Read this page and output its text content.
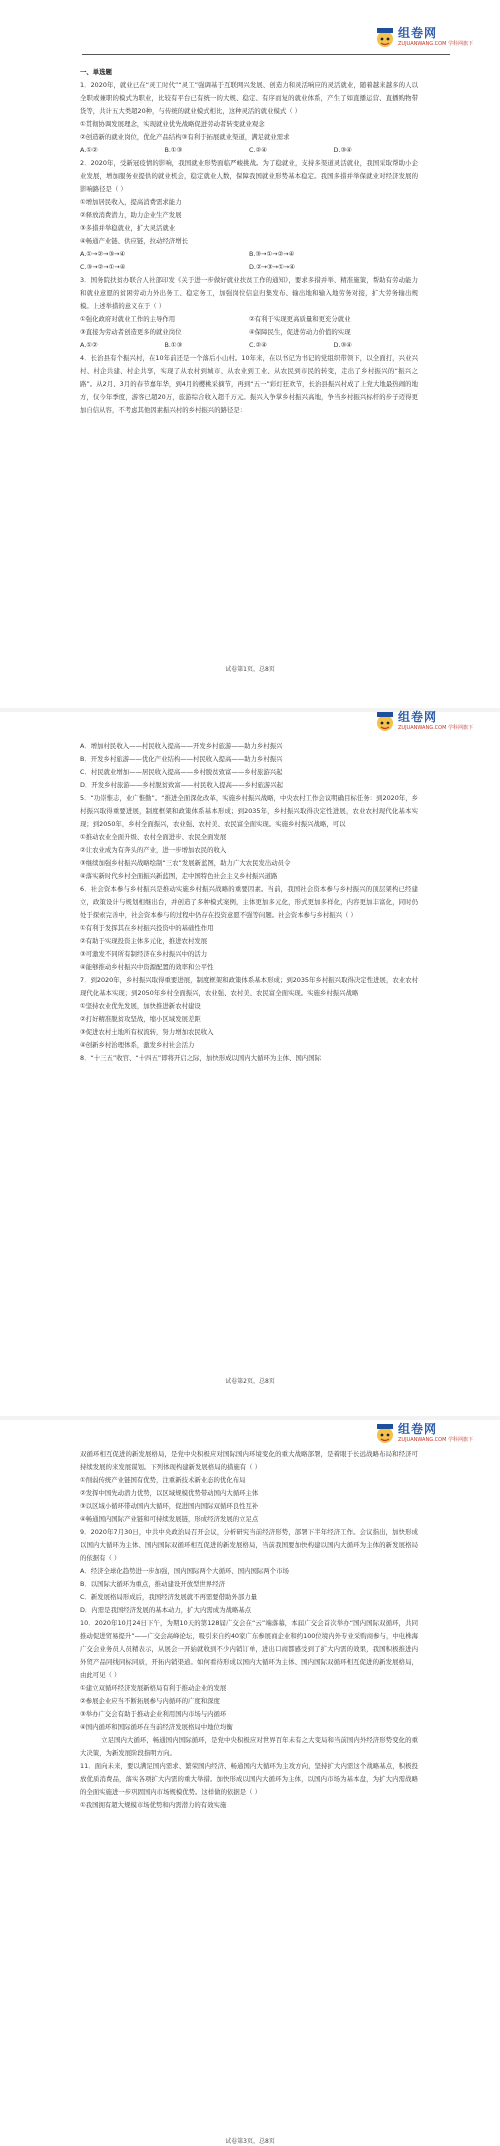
组卷网
ZUJUANWANG.COM 学科网旗下

一、单选题

1．2020年，就业已在“灵工时代”“灵工”强调基于互联网兴发展、创造力和灵活响应的灵活就业，随着越来越多的人以全职或兼职的模式为职业，比较有平台已有统一的大规、稳定、有序而复的就业体系，产生了如直播运营、直播购物带货等，共计五大类超20种，与传统的就业模式相比，这种灵活的就业模式（ ）

①贯彻协调发展理念，实现就业优先战略促进劳动者转变就业观念

②创造新的就业岗位，优化产品结构③有利于拓展就业渠道，满足就业需求

A.①②	B.①③	C.②④	D.③④

2．2020年，受新冠疫情的影响，我国就业形势面临严峻挑战。为了稳就业，支持多渠道灵活就业，我国采取帮助小企业发展，增加服务业提供的就业机会，稳定就业人数，保障我国就业形势基本稳定。我国多措并举保就业对经济发展的影响路径是（ ）

①增加居民收入，提高消费需求能力

②释放消费潜力，助力企业生产发展

③多措并举稳就业，扩大灵活就业

④畅通产业链、供应链，拉动经济增长

A.①→②→③→④	B.③→①→②→④
C.③→②→①→④	D.②→③→①→④

3．国务院扶贫办联合人社部印发《关于进一步做好就业扶贫工作的通知》，要求多措并举、精准施策，帮助有劳动能力和就业意愿的贫困劳动力外出务工、稳定务工，加强岗位信息归集发布、输出地和输入地劳务对接，扩大劳务输出规模。上述举措的意义在于（ ）

①强化政府对就业工作的主导作用	②有利于实现更高质量和更充分就业
③直接为劳动者创造更多的就业岗位	④保障民生，促进劳动力价值的实现
A.①②	B.①③	C.②④	D.③④

4．长治县有个振兴村，在10年前还是一个落后小山村。10年来，在以书记为书记的党组织带领下，以全面打，兴业兴村、村企共建、村企共享，实现了从农村到城市、从农业到工业、从农民到市民的转变，走出了乡村振兴的“振兴之路”。从2月、3月的春节嘉年华，到4月的樱桃采摘节，再到“五一”彩灯狂欢节，长治县振兴村成了上党大地最热闹的地方，仅今年季度，游客已超20万，旅游综合收入超千万元。振兴入争掌乡村振兴高地，争当乡村振兴标杆的步子迈得更加自信从容，不考虑其他因素振兴村的乡村振兴的路径是：

试卷第1页，总8页
组卷网
ZUJUANWANG.COM 学科网旗下

A．增加村民收入——村民收入提高——开发乡村旅游——助力乡村振兴

B．开发乡村旅游——优化产业结构——村民收入提高——助力乡村振兴

C．村民就业增加——居民收入提高——乡村脱贫致富——乡村旅游兴起

D．开发乡村旅游——乡村脱贫致富——村民收入提高——乡村旅游兴起

5．“功崇惟志，业广惟勤”。“推进全面深化改革，实施乡村振兴战略，中央农村工作会议明确目标任务：到2020年，乡村振兴取得重要进展，制度框架和政策体系基本形成；到2035年，乡村振兴取得决定性进展，农业农村现代化基本实现；到2050年，乡村全面振兴，农业强、农村美、农民富全面实现。实施乡村振兴战略，可以

①推动农业全面升级、农村全面进步、农民全面发展

②让农业成为有奔头的产业，进一步增加农民的收入

③继续加强乡村振兴战略绘制“三农”发展新蓝图，助力广大农民发出动员令

④落实新时代乡村全面振兴新蓝图，走中国特色社会主义乡村振兴道路

6．社会资本参与乡村振兴是推动实施乡村振兴战略的重要因素。当前，我国社会资本参与乡村振兴的顶层架构已经建立，政策设计与规划相继出台，并创造了多种模式案例，主体更加多元化，形式更加多样化，内容更加丰富化，同时仍处于探索完善中，社会资本参与的过程中仍存在投资意愿不强等问题。社会资本参与乡村振兴（ ）

①有利于发挥其在乡村振兴投资中的基础性作用

②有助于实现投资主体多元化，推进农村发展

③可激发不同所有制经济在乡村振兴中的活力

④能够推动乡村振兴中资源配置的效率和公平性

7．到2020年，乡村振兴取得重要进展，制度框架和政策体系基本形成；到2035年乡村振兴取得决定性进展，农业农村现代化基本实现；到2050年乡村全面振兴，农业强、农村美、农民富全面实现。实施乡村振兴战略

①坚持农业优先发展，加快推进新农村建设

②打好精准脱贫攻坚战，缩小区域发展差距

③促进农村土地所有权流转，努力增加农民收入

④创新乡村治理体系，激发乡村社会活力

8．“十三五”收官、“十四五”即将开启之际，加快形成以国内大循环为主体、国内国际

试卷第2页，总8页
组卷网
ZUJUANWANG.COM 学科网旗下

双循环相互促进的新发展格局，是党中央积极应对国际国内环境变化的重大战略部署，是着眼于长远战略布局和经济可持续发展的来发展谋划。下列体现构建新发展格局的措施有（ ）

①削弱传统产业链国有优势，注重新技术新业态的优化布局

②发挥中国先动潜力优势，以区域规模优势带动国内大循环主体

③以区域小循环带动国内大循环，促进国内国际双循环良性互补

④畅通国内国际产业链和可持续发展链，形成经济发展的立足点

9．2020年7月30日，中共中央政治局召开会议，分析研究当前经济形势，部署下半年经济工作。会议指出，加快形成以国内大循环为主体、国内国际双循环相互促进的新发展格局，当前我国要加快构建以国内大循环为主体的新发展格局的依据有（ ）

A．经济全球化趋势进一步加强，国内国际两个大循环、国内国际两个市场

B．以国际大循环为重点，推动建设开放型世界经济

C．新发展格局形成后，我国经济发展就不再需要借助外部力量

D．内需是我国经济发展的基本动力，扩大内需成为战略基点

10．2020年10月24日下午，为期10天的第128届广交会在“云”端落幕，本届广交会首次举办“国内国际双循环，共同推动促进贸易提升”——广交会高峰论坛，吸引来自约40家广东参展商企业和约100位境内外专业采购商参与，中电株海广交会业务员人员精表示，从展会一开始就收到不少内销订单，进出口商都感受到了扩大内需的效果，我国积极推进内外贸产品同线同标同质，开拓内销渠道。如何看待形成以国内大循环为主体、国内国际双循环相互促进的新发展格局，由此可见（ ）

①建立双循环经济发展新格局有利于推动企业的发展

②参展企业应当不断拓展参与内循环的广度和深度

③举办广交会有助于推动企业利用国内市场与内循环

④国内循环和国际循环在当前经济发展格局中地位均衡

立足国内大循环，畅通国内国际循环，是党中央积极应对世界百年未有之大变局和当前国内外经济形势变化的重大决策，为新发展阶段指明方向。

11．面向未来，要以满足国内需求、繁荣国内经济、畅通国内大循环为主攻方向，坚持扩大内需这个战略基点，积极投放优质消费品，落实各项扩大内需的重大举措。加快形成以国内大循环为主体，以国内市场为基本盘，为扩大内需战略的全面实施进一步巩固国内市场规模优势。这样做的依据是（ ）

①我国拥有超大规模市场优势和内需潜力的有效实施

试卷第3页，总8页
